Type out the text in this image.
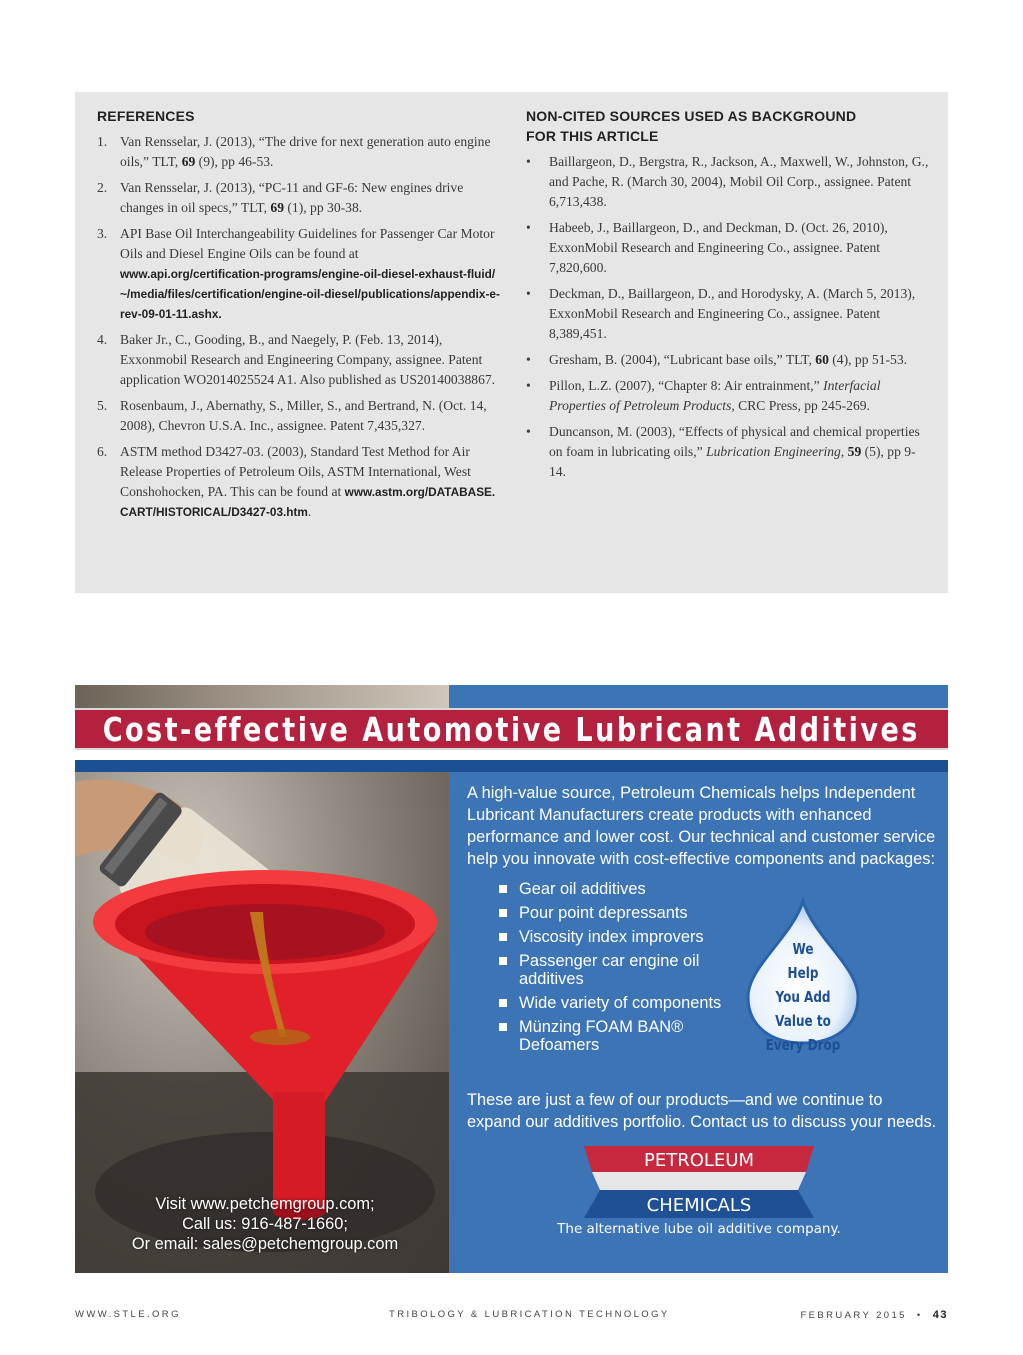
REFERENCES
1. Van Rensselar, J. (2013), “The drive for next generation auto engine oils,” TLT, 69 (9), pp 46-53.
2. Van Rensselar, J. (2013), “PC-11 and GF-6: New engines drive changes in oil specs,” TLT, 69 (1), pp 30-38.
3. API Base Oil Interchangeability Guidelines for Passenger Car Motor Oils and Diesel Engine Oils can be found at
www.api.org/certification-programs/engine-oil-diesel-exhaust-fluid/~/media/files/certification/engine-oil-diesel/publications/appendix-e-rev-09-01-11.ashx.
4. Baker Jr., C., Gooding, B., and Naegely, P. (Feb. 13, 2014), Exxonmobil Research and Engineering Company, assignee. Patent application WO2014025524 A1. Also published as US20140038867.
5. Rosenbaum, J., Abernathy, S., Miller, S., and Bertrand, N. (Oct. 14, 2008), Chevron U.S.A. Inc., assignee. Patent 7,435,327.
6. ASTM method D3427-03. (2003), Standard Test Method for Air Release Properties of Petroleum Oils, ASTM International, West Conshohocken, PA. This can be found at www.astm.org/DATABASE.CART/HISTORICAL/D3427-03.htm.
NON-CITED SOURCES USED AS BACKGROUND
FOR THIS ARTICLE
• Baillargeon, D., Bergstra, R., Jackson, A., Maxwell, W., Johnston, G., and Pache, R. (March 30, 2004), Mobil Oil Corp., assignee. Patent 6,713,438.
• Habeeb, J., Baillargeon, D., and Deckman, D. (Oct. 26, 2010), ExxonMobil Research and Engineering Co., assignee. Patent 7,820,600.
• Deckman, D., Baillargeon, D., and Horodysky, A. (March 5, 2013), ExxonMobil Research and Engineering Co., assignee. Patent 8,389,451.
• Gresham, B. (2004), “Lubricant base oils,” TLT, 60 (4), pp 51-53.
• Pillon, L.Z. (2007), “Chapter 8: Air entrainment,” Interfacial Properties of Petroleum Products, CRC Press, pp 245-269.
• Duncanson, M. (2003), “Effects of physical and chemical properties on foam in lubricating oils,” Lubrication Engineering, 59 (5), pp 9-14.
Cost-effective Automotive Lubricant Additives
Visit www.petchemgroup.com;
Call us: 916-487-1660;
Or email: sales@petchemgroup.com

A high-value source, Petroleum Chemicals helps Independent Lubricant Manufacturers create products with enhanced performance and lower cost. Our technical and customer service help you innovate with cost-effective components and packages:

Gear oil additives
Pour point depressants
Viscosity index improvers
Passenger car engine oil additives
Wide variety of components
Münzing FOAM BAN® Defoamers
We
Help
You Add
Value to
Every Drop

These are just a few of our products—and we continue to expand our additives portfolio. Contact us to discuss your needs.

PETROLEUM
CHEMICALS
The alternative lube oil additive company.
WWW.STLE.ORG	TRIBOLOGY & LUBRICATION TECHNOLOGY	FEBRUARY 2015 • 43
